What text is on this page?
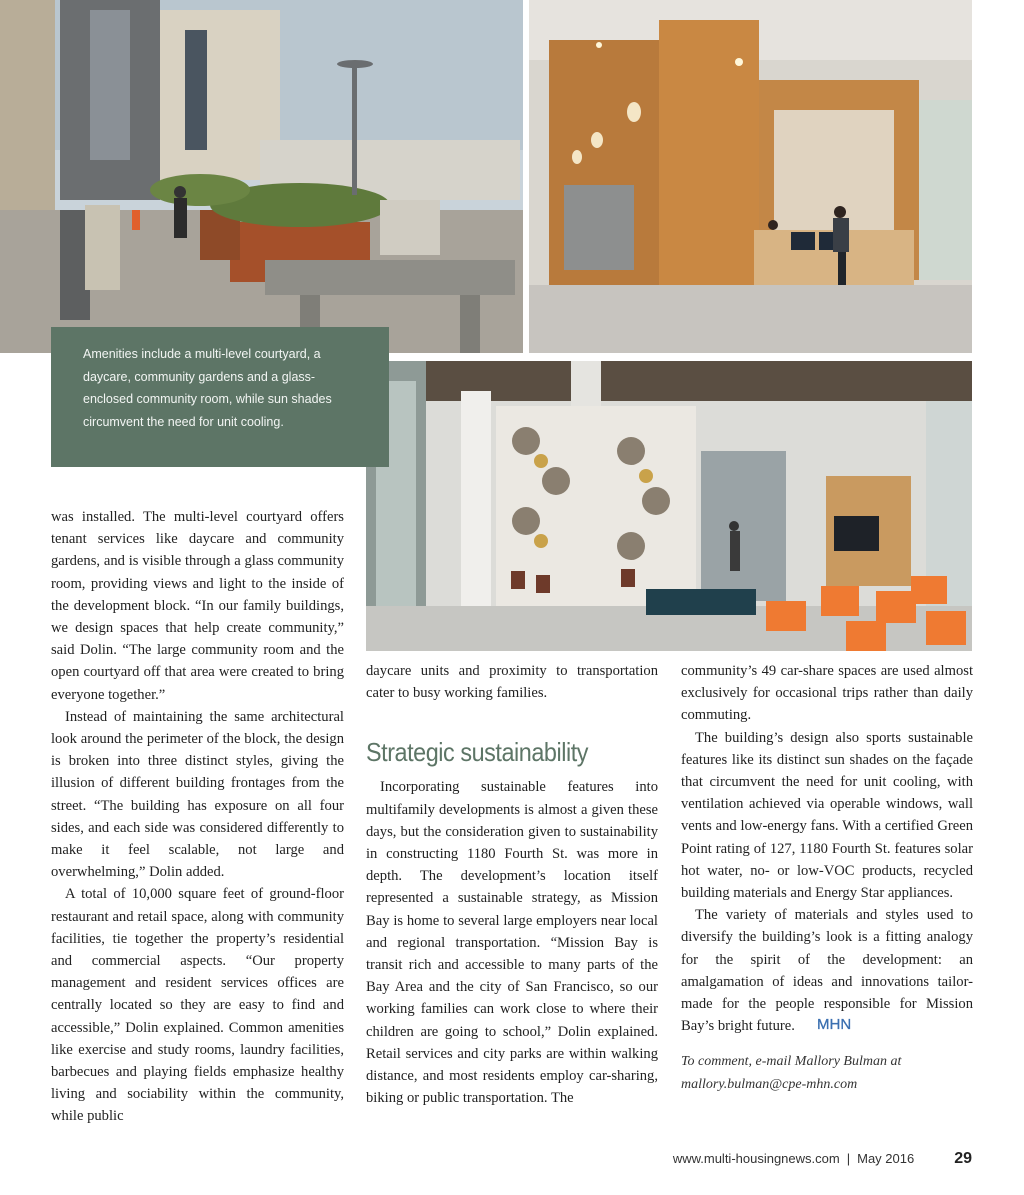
Amenities include a multi-level courtyard, a daycare, community gardens and a glass-enclosed community room, while sun shades circumvent the need for unit cooling.

was installed. The multi-level courtyard offers tenant services like daycare and community gardens, and is visible through a glass community room, providing views and light to the inside of the development block. “In our family buildings, we design spaces that help create community,” said Dolin. “The large community room and the open courtyard off that area were created to bring everyone together.”

Instead of maintaining the same architectural look around the perimeter of the block, the design is broken into three distinct styles, giving the illusion of different building frontages from the street. “The building has exposure on all four sides, and each side was considered differently to make it feel scalable, not large and overwhelming,” Dolin added.

A total of 10,000 square feet of ground-floor restaurant and retail space, along with community facilities, tie together the property’s residential and commercial aspects. “Our property management and resident services offices are centrally located so they are easy to find and accessible,” Dolin explained. Common amenities like exercise and study rooms, laundry facilities, barbecues and playing fields emphasize healthy living and sociability within the community, while public

daycare units and proximity to transportation cater to busy working families.

Strategic sustainability

Incorporating sustainable features into multifamily developments is almost a given these days, but the consideration given to sustainability in constructing 1180 Fourth St. was more in depth. The development’s location itself represented a sustainable strategy, as Mission Bay is home to several large employers near local and regional transportation. “Mission Bay is transit rich and accessible to many parts of the Bay Area and the city of San Francisco, so our working families can work close to where their children are going to school,” Dolin explained. Retail services and city parks are within walking distance, and most residents employ car-sharing, biking or public transportation. The

community’s 49 car-share spaces are used almost exclusively for occasional trips rather than daily commuting.

The building’s design also sports sustainable features like its distinct sun shades on the façade that circumvent the need for unit cooling, with ventilation achieved via operable windows, wall vents and low-energy fans. With a certified Green Point rating of 127, 1180 Fourth St. features solar hot water, no- or low-VOC products, recycled building materials and Energy Star appliances.

The variety of materials and styles used to diversify the building’s look is a fitting analogy for the spirit of the development: an amalgamation of ideas and innovations tailor-made for the people responsible for Mission Bay’s bright future. MHN

To comment, e-mail Mallory Bulman at mallory.bulman@cpe-mhn.com

www.multi-housingnews.com | May 2016	29
